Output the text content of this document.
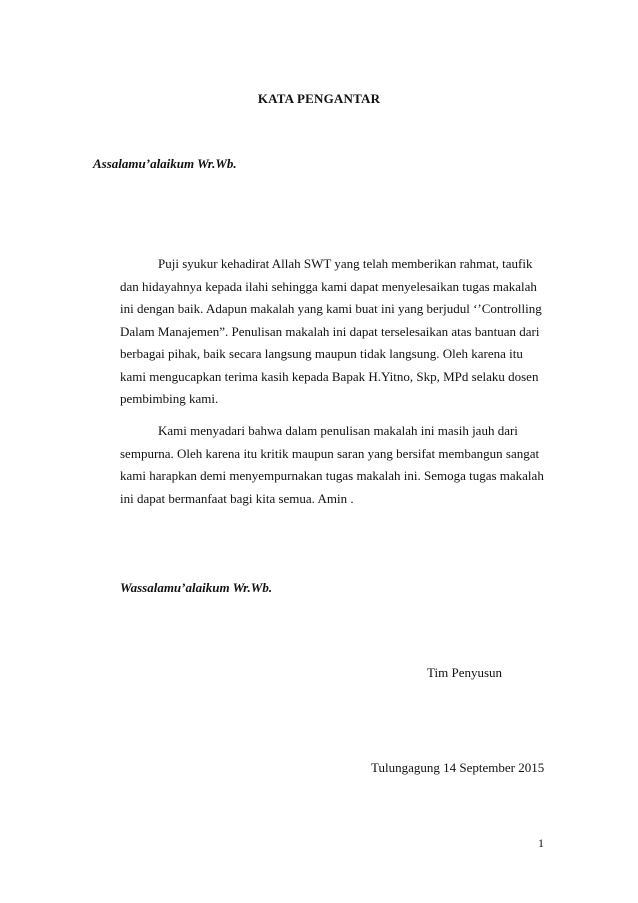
KATA PENGANTAR
Assalamu’alaikum Wr.Wb.

Puji syukur kehadirat Allah SWT yang telah memberikan rahmat, taufik dan hidayahnya kepada ilahi sehingga kami dapat menyelesaikan tugas makalah ini dengan baik. Adapun makalah yang kami buat ini yang berjudul ‘’Controlling Dalam Manajemen”. Penulisan makalah ini dapat terselesaikan atas bantuan dari berbagai pihak, baik secara langsung maupun tidak langsung. Oleh karena itu kami mengucapkan terima kasih kepada Bapak H.Yitno, Skp, MPd selaku dosen pembimbing kami.

Kami menyadari bahwa dalam penulisan makalah ini masih jauh dari sempurna. Oleh karena itu kritik maupun saran yang bersifat membangun sangat kami harapkan demi menyempurnakan tugas makalah ini. Semoga tugas makalah ini dapat bermanfaat bagi kita semua. Amin .

Wassalamu’alaikum Wr.Wb.
Tim Penyusun
Tulungagung 14 September 2015
1
